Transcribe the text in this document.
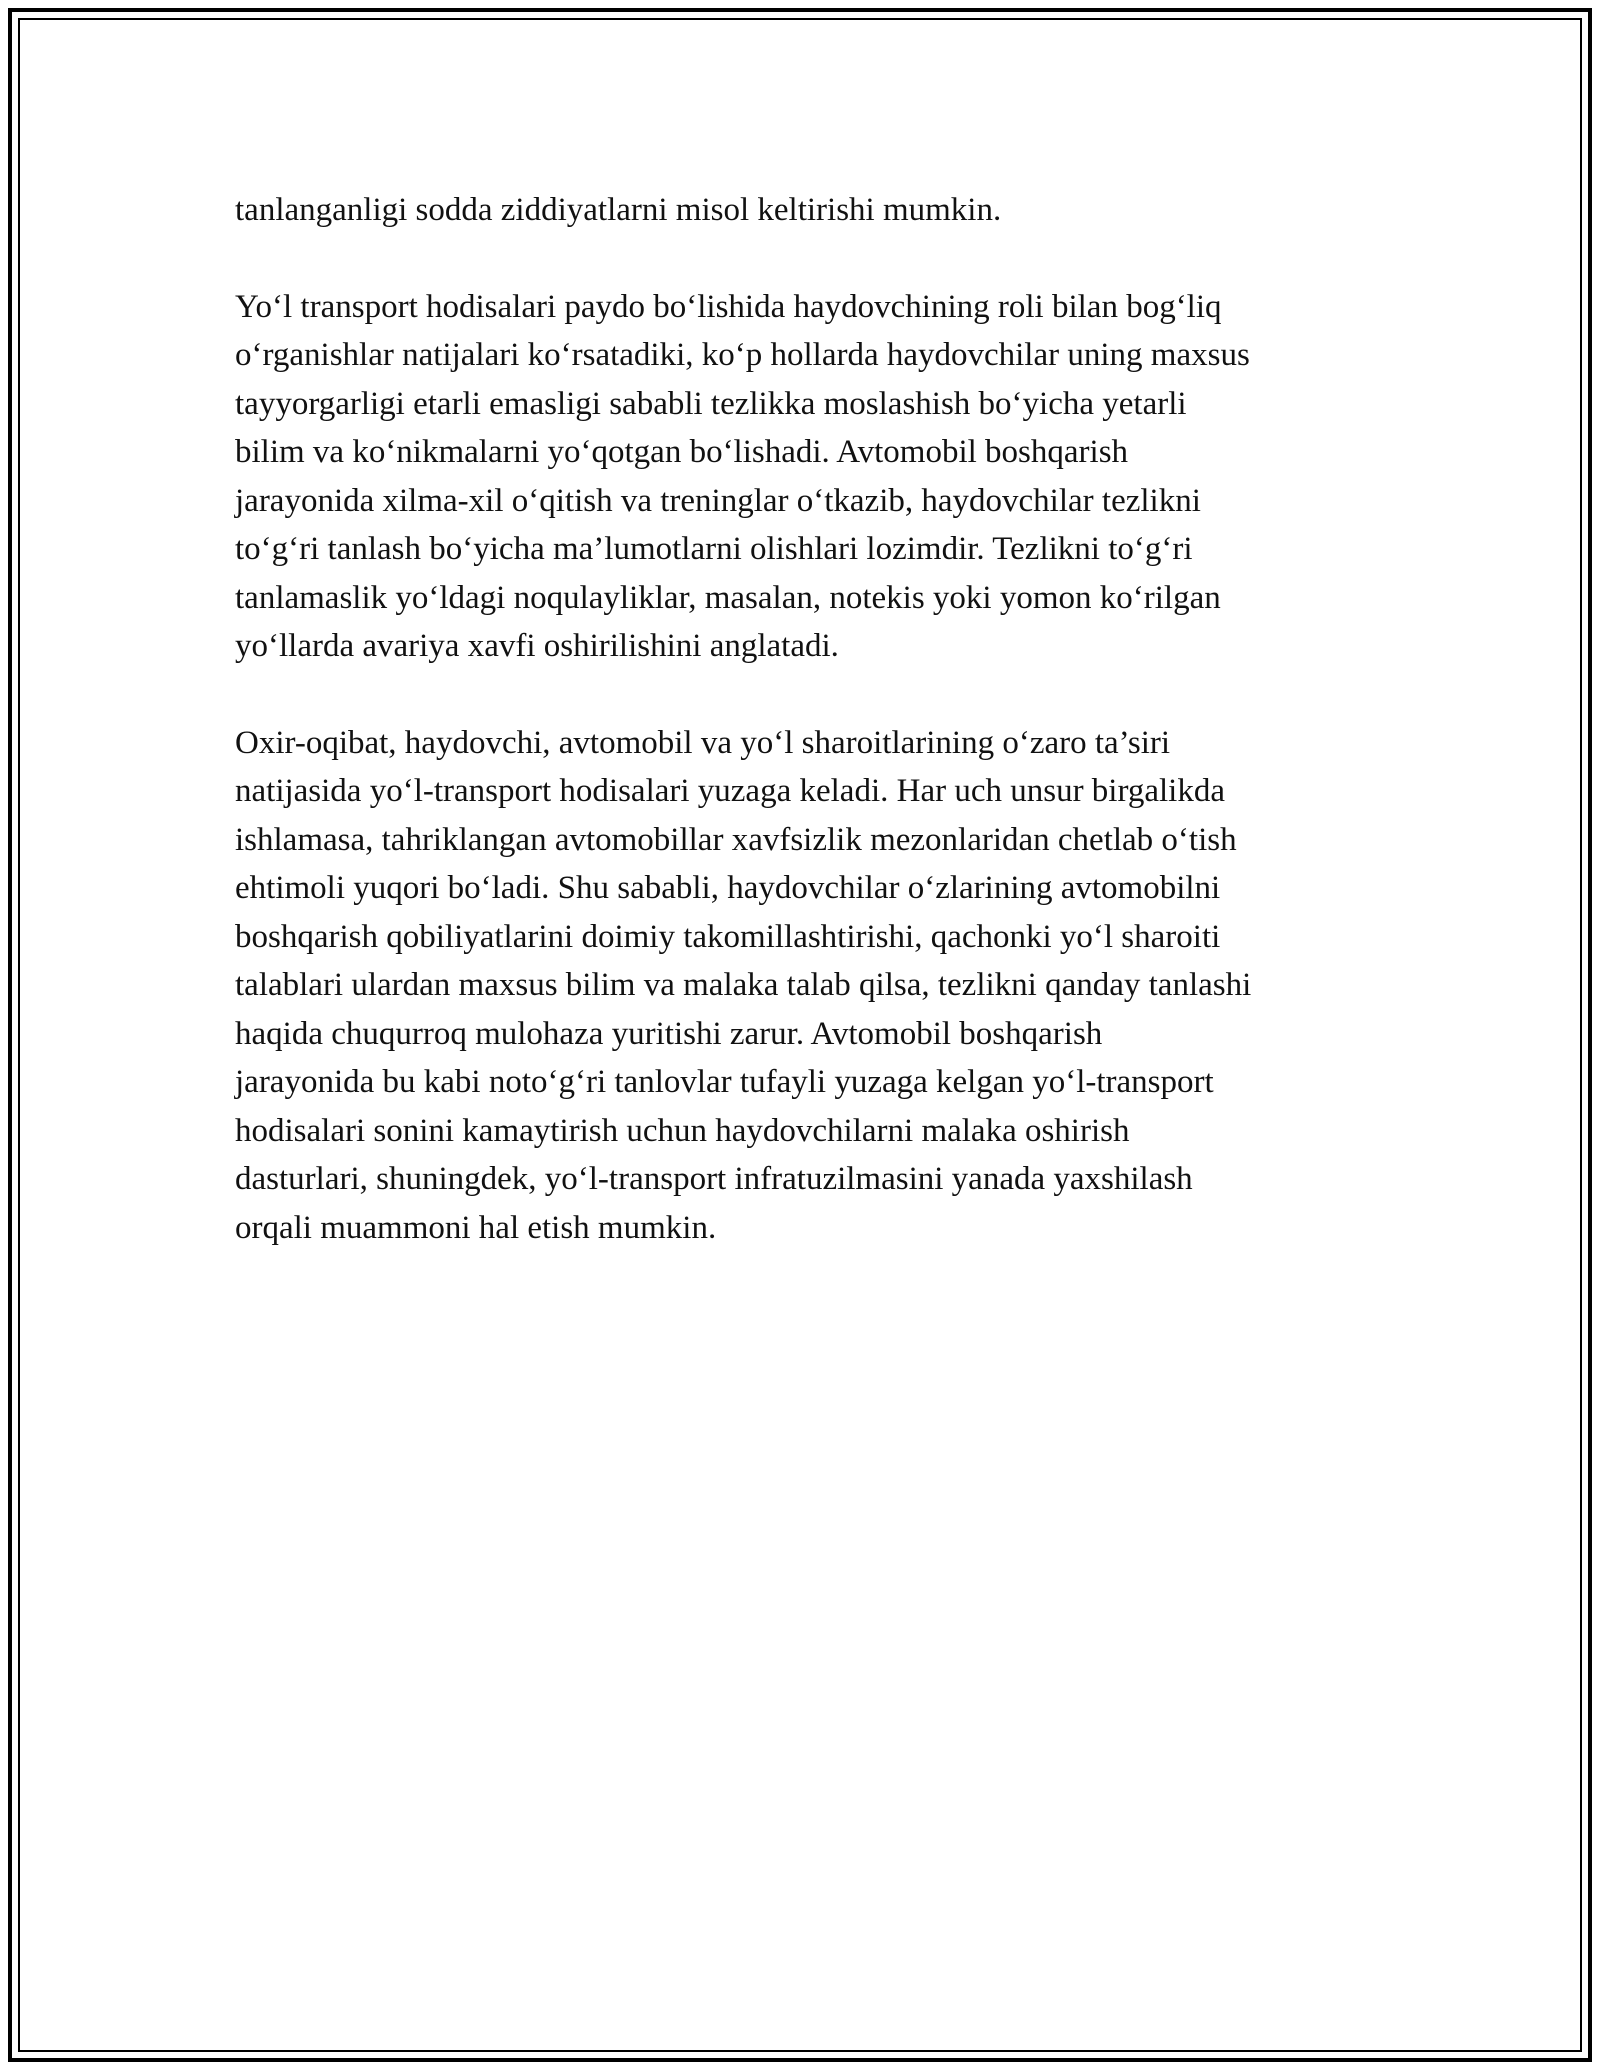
tanlanganligi sodda ziddiyatlarni misol keltirishi mumkin.

Yo‘l transport hodisalari paydo bo‘lishida haydovchining roli bilan bog‘liq
o‘rganishlar natijalari ko‘rsatadiki, ko‘p hollarda haydovchilar uning maxsus
tayyorgarligi etarli emasligi sababli tezlikka moslashish bo‘yicha yetarli
bilim va ko‘nikmalarni yo‘qotgan bo‘lishadi. Avtomobil boshqarish
jarayonida xilma-xil o‘qitish va treninglar o‘tkazib, haydovchilar tezlikni
to‘g‘ri tanlash bo‘yicha ma’lumotlarni olishlari lozimdir. Tezlikni to‘g‘ri
tanlamaslik yo‘ldagi noqulayliklar, masalan, notekis yoki yomon ko‘rilgan
yo‘llarda avariya xavfi oshirilishini anglatadi.

Oxir-oqibat, haydovchi, avtomobil va yo‘l sharoitlarining o‘zaro ta’siri
natijasida yo‘l-transport hodisalari yuzaga keladi. Har uch unsur birgalikda
ishlamasa, tahriklangan avtomobillar xavfsizlik mezonlaridan chetlab o‘tish
ehtimoli yuqori bo‘ladi. Shu sababli, haydovchilar o‘zlarining avtomobilni
boshqarish qobiliyatlarini doimiy takomillashtirishi, qachonki yo‘l sharoiti
talablari ulardan maxsus bilim va malaka talab qilsa, tezlikni qanday tanlashi
haqida chuqurroq mulohaza yuritishi zarur. Avtomobil boshqarish
jarayonida bu kabi noto‘g‘ri tanlovlar tufayli yuzaga kelgan yo‘l-transport
hodisalari sonini kamaytirish uchun haydovchilarni malaka oshirish
dasturlari, shuningdek, yo‘l-transport infratuzilmasini yanada yaxshilash
orqali muammoni hal etish mumkin.
